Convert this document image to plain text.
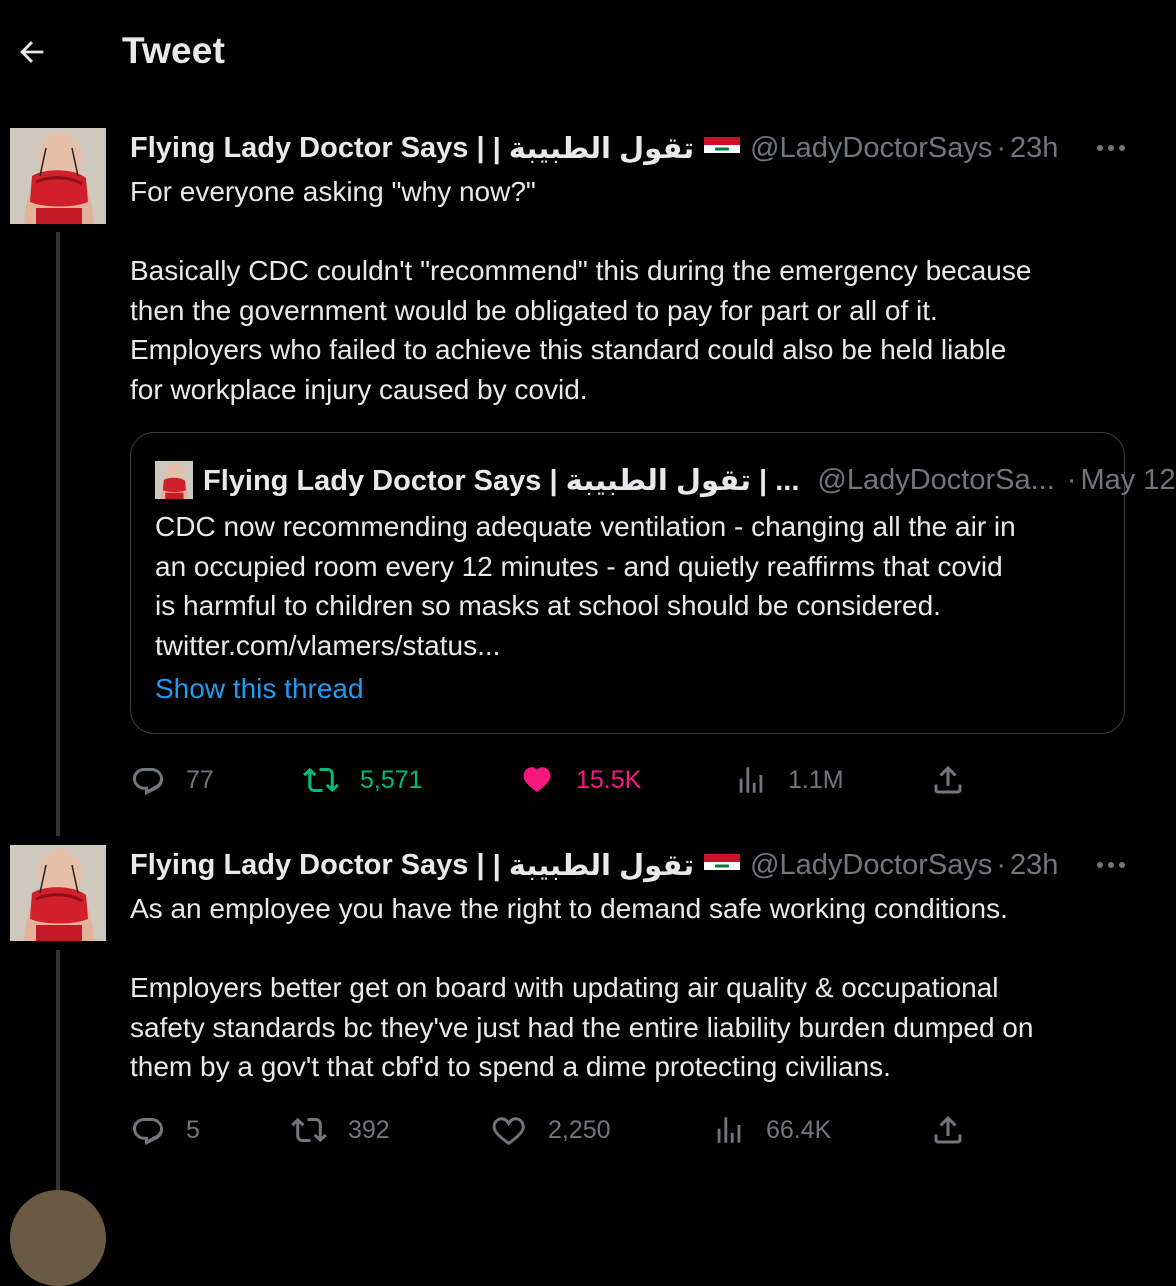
Tweet
Flying Lady Doctor Says | تقول الطبيبة | @LadyDoctorSays · 23h

For everyone asking "why now?"

Basically CDC couldn't "recommend" this during the emergency because

then the government would be obligated to pay for part or all of it.

Employers who failed to achieve this standard could also be held liable

for workplace injury caused by covid.

Flying Lady Doctor Says | تقول الطبيبة | ... @LadyDoctorSa... · May 12

CDC now recommending adequate ventilation - changing all the air in

an occupied room every 12 minutes - and quietly reaffirms that covid

is harmful to children so masks at school should be considered.

twitter.com/vlamers/status...

Show this thread
77	5,571	15.5K	1.1M
Flying Lady Doctor Says | تقول الطبيبة | @LadyDoctorSays · 23h

As an employee you have the right to demand safe working conditions.

Employers better get on board with updating air quality & occupational

safety standards bc they've just had the entire liability burden dumped on

them by a gov't that cbf'd to spend a dime protecting civilians.

5	392	2,250	66.4K
